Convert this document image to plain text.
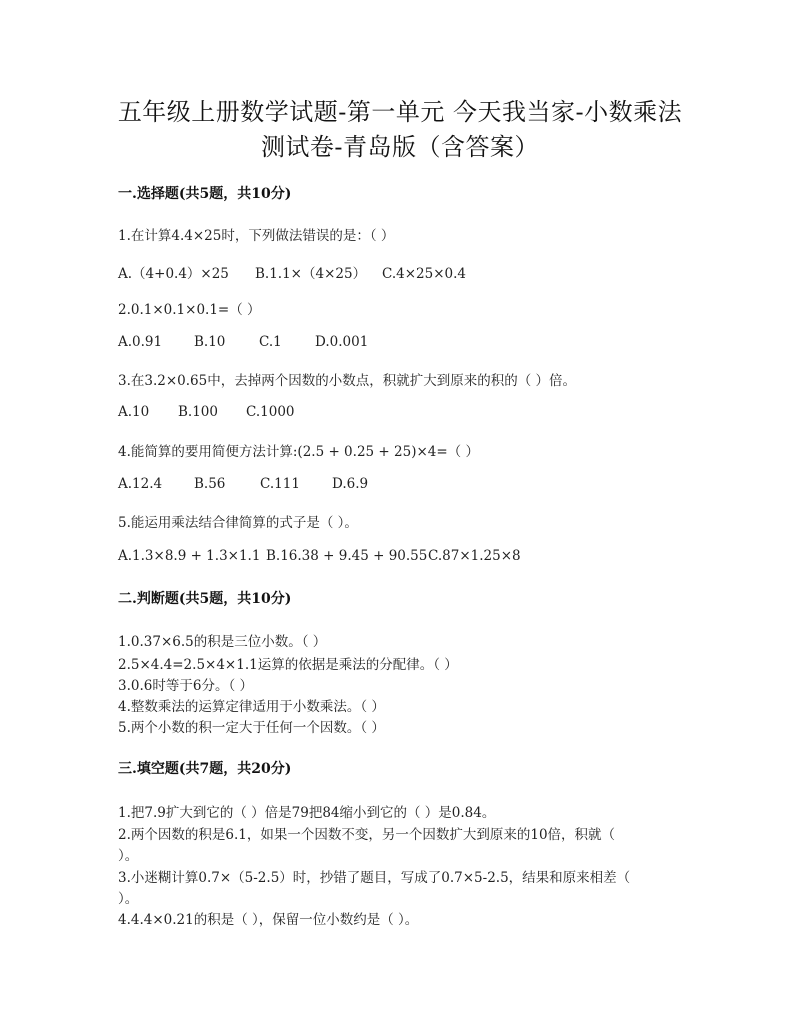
五年级上册数学试题-第一单元 今天我当家-小数乘法
测试卷-青岛版（含答案）
一.选择题(共5题，共10分)
1.在计算4.4×25时，下列做法错误的是：（ ）
A.（4+0.4）×25 B.1.1×（4×25） C.4×25×0.4
2.0.1×0.1×0.1=（ ）
A.0.91 B.10 C.1 D.0.001
3.在3.2×0.65中，去掉两个因数的小数点，积就扩大到原来的积的（ ）倍。
A.10 B.100 C.1000
4.能简算的要用简便方法计算:(2.5 + 0.25 + 25)×4=（ ）
A.12.4 B.56	C.111 D.6.9
5.能运用乘法结合律简算的式子是（ ）。
A.1.3×8.9 + 1.3×1.1 B.16.38 + 9.45 + 90.55C.87×1.25×8
二.判断题(共5题，共10分)
1.0.37×6.5的积是三位小数。（ ）
2.5×4.4=2.5×4×1.1运算的依据是乘法的分配律。（ ）
3.0.6时等于6分。（ ）
4.整数乘法的运算定律适用于小数乘法。（ ）
5.两个小数的积一定大于任何一个因数。（ ）
三.填空题(共7题，共20分)
1.把7.9扩大到它的（ ）倍是79把84缩小到它的（ ）是0.84。
2.两个因数的积是6.1，如果一个因数不变，另一个因数扩大到原来的10倍，积就（
）。
3.小迷糊计算0.7×（5-2.5）时，抄错了题目，写成了0.7×5-2.5，结果和原来相差（
）。
4.4.4×0.21的积是（ ），保留一位小数约是（ ）。
